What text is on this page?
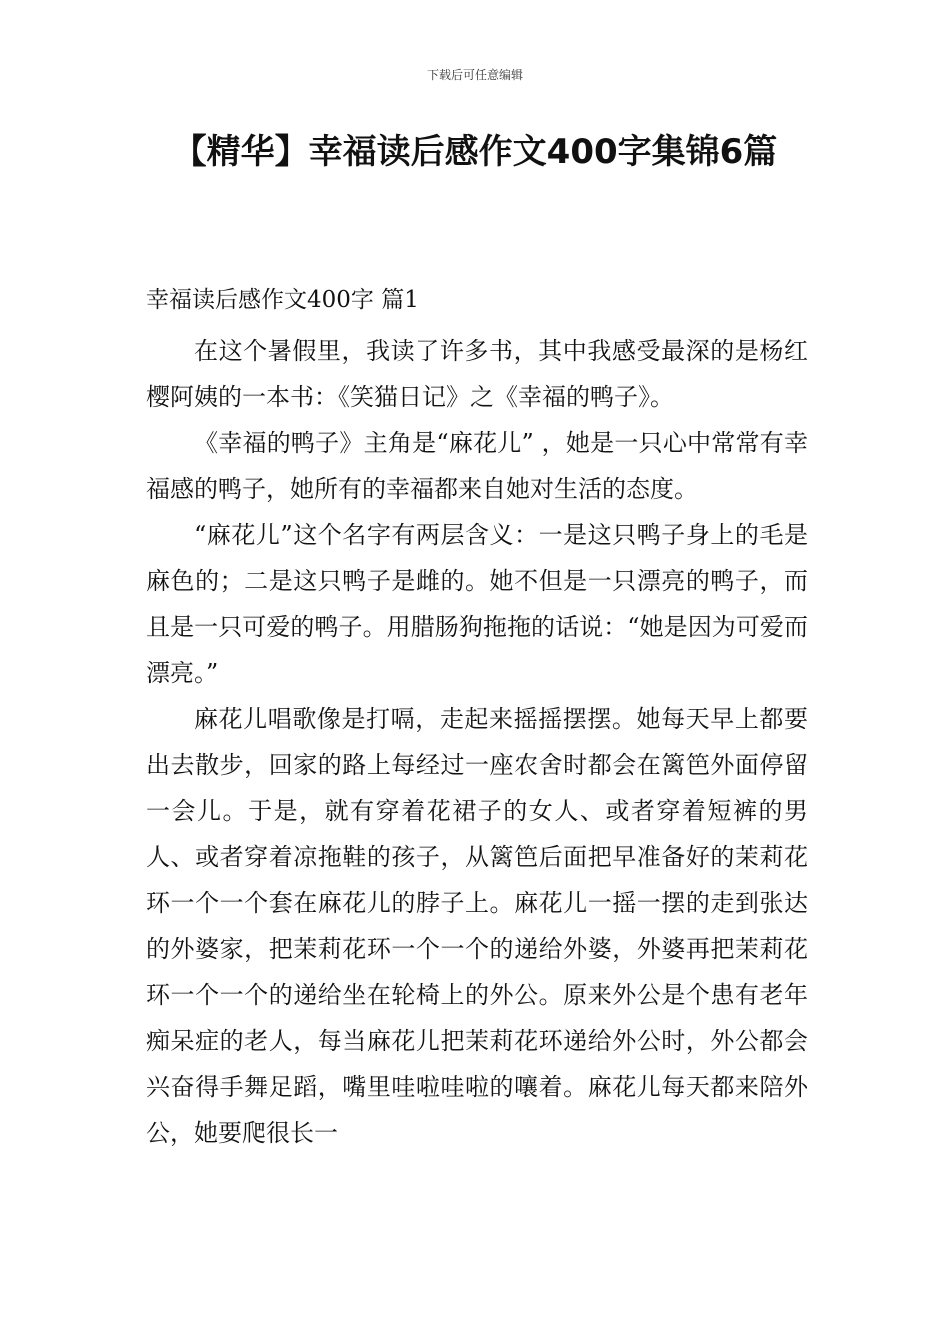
下载后可任意编辑
【精华】幸福读后感作文400字集锦6篇
幸福读后感作文400字 篇1

在这个暑假里，我读了许多书，其中我感受最深的是杨红樱阿姨的一本书：《笑猫日记》之《幸福的鸭子》。

《幸福的鸭子》主角是“麻花儿” ，她是一只心中常常有幸福感的鸭子，她所有的幸福都来自她对生活的态度。

“麻花儿”这个名字有两层含义：一是这只鸭子身上的毛是麻色的；二是这只鸭子是雌的。她不但是一只漂亮的鸭子，而且是一只可爱的鸭子。用腊肠狗拖拖的话说：“她是因为可爱而漂亮。”

麻花儿唱歌像是打嗝，走起来摇摇摆摆。她每天早上都要出去散步，回家的路上每经过一座农舍时都会在篱笆外面停留一会儿。于是，就有穿着花裙子的女人、或者穿着短裤的男人、或者穿着凉拖鞋的孩子，从篱笆后面把早准备好的茉莉花环一个一个套在麻花儿的脖子上。麻花儿一摇一摆的走到张达的外婆家，把茉莉花环一个一个的递给外婆，外婆再把茉莉花环一个一个的递给坐在轮椅上的外公。原来外公是个患有老年痴呆症的老人，每当麻花儿把茉莉花环递给外公时，外公都会兴奋得手舞足蹈，嘴里哇啦哇啦的嚷着。麻花儿每天都来陪外公，她要爬很长一
